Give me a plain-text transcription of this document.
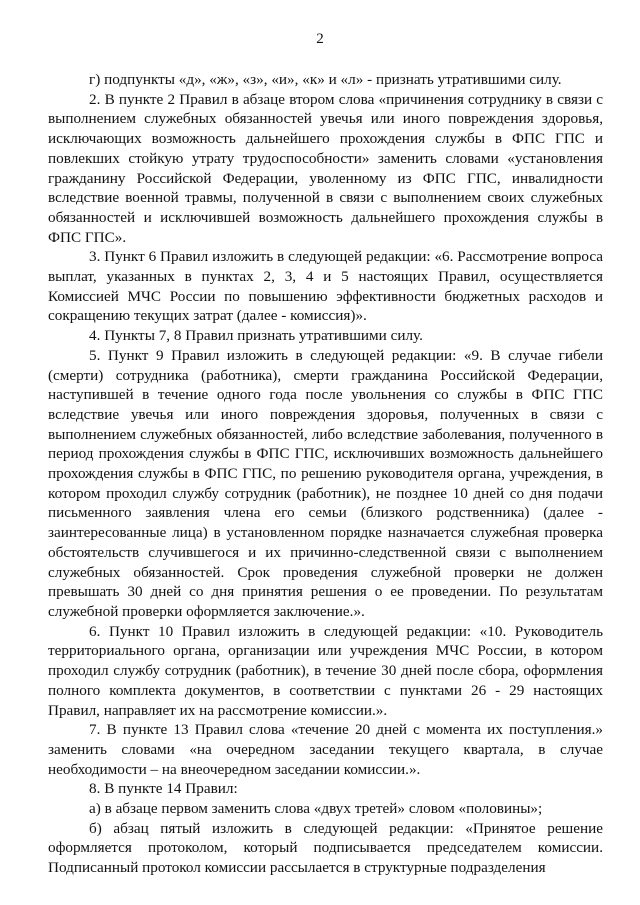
2

г) подпункты «д», «ж», «з», «и», «к» и «л» - признать утратившими силу.

2. В пункте 2 Правил в абзаце втором слова «причинения сотруднику в связи с выполнением служебных обязанностей увечья или иного повреждения здоровья, исключающих возможность дальнейшего прохождения службы в ФПС ГПС и повлекших стойкую утрату трудоспособности» заменить словами «установления гражданину Российской Федерации, уволенному из ФПС ГПС, инвалидности вследствие военной травмы, полученной в связи с выполнением своих служебных обязанностей и исключившей возможность дальнейшего прохождения службы в ФПС ГПС».

3. Пункт 6 Правил изложить в следующей редакции: «6. Рассмотрение вопроса выплат, указанных в пунктах 2, 3, 4 и 5 настоящих Правил, осуществляется Комиссией МЧС России по повышению эффективности бюджетных расходов и сокращению текущих затрат (далее - комиссия)».

4. Пункты 7, 8 Правил признать утратившими силу.

5. Пункт 9 Правил изложить в следующей редакции: «9. В случае гибели (смерти) сотрудника (работника), смерти гражданина Российской Федерации, наступившей в течение одного года после увольнения со службы в ФПС ГПС вследствие увечья или иного повреждения здоровья, полученных в связи с выполнением служебных обязанностей, либо вследствие заболевания, полученного в период прохождения службы в ФПС ГПС, исключивших возможность дальнейшего прохождения службы в ФПС ГПС, по решению руководителя органа, учреждения, в котором проходил службу сотрудник (работник), не позднее 10 дней со дня подачи письменного заявления члена его семьи (близкого родственника) (далее - заинтересованные лица) в установленном порядке назначается служебная проверка обстоятельств случившегося и их причинно-следственной связи с выполнением служебных обязанностей. Срок проведения служебной проверки не должен превышать 30 дней со дня принятия решения о ее проведении. По результатам служебной проверки оформляется заключение.».

6. Пункт 10 Правил изложить в следующей редакции: «10. Руководитель территориального органа, организации или учреждения МЧС России, в котором проходил службу сотрудник (работник), в течение 30 дней после сбора, оформления полного комплекта документов, в соответствии с пунктами 26 - 29 настоящих Правил, направляет их на рассмотрение комиссии.».

7. В пункте 13 Правил слова «течение 20 дней с момента их поступления.» заменить словами «на очередном заседании текущего квартала, в случае необходимости – на внеочередном заседании комиссии.».

8. В пункте 14 Правил:

а) в абзаце первом заменить слова «двух третей» словом «половины»;

б) абзац пятый изложить в следующей редакции: «Принятое решение оформляется протоколом, который подписывается председателем комиссии. Подписанный протокол комиссии рассылается в структурные подразделения
